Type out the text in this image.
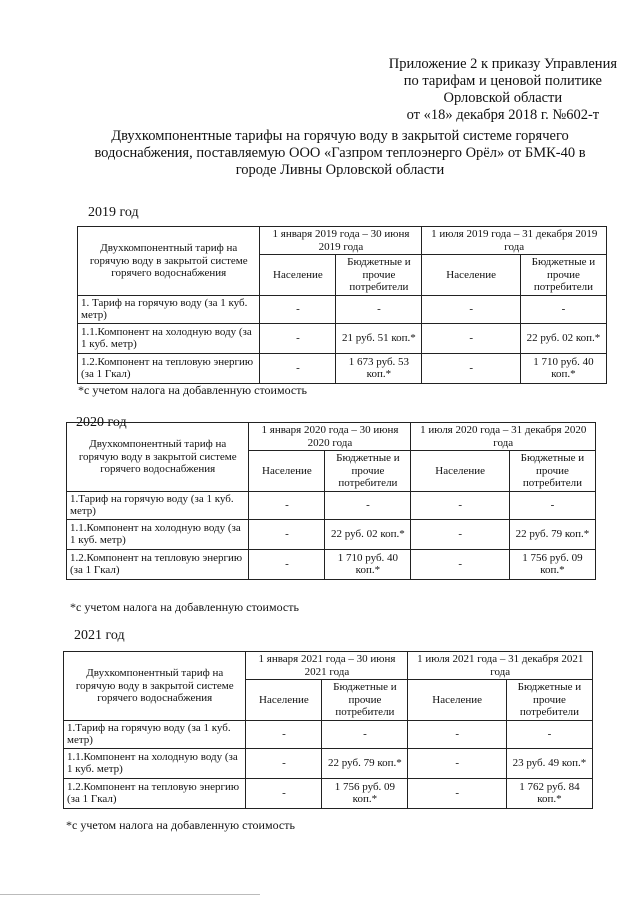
Приложение 2 к приказу Управления
по тарифам и ценовой политике
Орловской области
от «18» декабря 2018 г. №602-т
Двухкомпонентные тарифы на горячую воду в закрытой системе горячего водоснабжения, поставляемую ООО «Газпром теплоэнерго Орёл» от БМК-40 в городе Ливны Орловской области
2019 год
Двухкомпонентный тариф на горячую воду в закрытой системе горячего водоснабжения	1 января 2019 года – 30 июня 2019 года		1 июля 2019 года – 31 декабря 2019 года	
	Население	Бюджетные и прочие потребители	Население	Бюджетные и прочие потребители
1. Тариф на горячую воду (за 1 куб. метр)	-	-	-	-
1.1.Компонент на холодную воду (за 1 куб. метр)	-	21 руб. 51 коп.*	-	22 руб. 02 коп.*
1.2.Компонент на тепловую энергию (за 1 Гкал)	-	1 673 руб. 53 коп.*	-	1 710 руб. 40 коп.*
*с учетом налога на добавленную стоимость
2020 год
Двухкомпонентный тариф на горячую воду в закрытой системе горячего водоснабжения	1 января 2020 года – 30 июня 2020 года		1 июля 2020 года – 31 декабря 2020 года	
	Население	Бюджетные и прочие потребители	Население	Бюджетные и прочие потребители
1.Тариф на горячую воду (за 1 куб. метр)	-	-	-	-
1.1.Компонент на холодную воду (за 1 куб. метр)	-	22 руб. 02 коп.*	-	22 руб. 79 коп.*
1.2.Компонент на тепловую энергию (за 1 Гкал)	-	1 710 руб. 40 коп.*	-	1 756 руб. 09 коп.*
*с учетом налога на добавленную стоимость
2021 год
Двухкомпонентный тариф на горячую воду в закрытой системе горячего водоснабжения	1 января 2021 года – 30 июня 2021 года		1 июля 2021 года – 31 декабря 2021 года	
	Население	Бюджетные и прочие потребители	Население	Бюджетные и прочие потребители
1.Тариф на горячую воду (за 1 куб. метр)	-	-	-	-
1.1.Компонент на холодную воду (за 1 куб. метр)	-	22 руб. 79 коп.*	-	23 руб. 49 коп.*
1.2.Компонент на тепловую энергию (за 1 Гкал)	-	1 756 руб. 09 коп.*	-	1 762 руб. 84 коп.*
*с учетом налога на добавленную стоимость
